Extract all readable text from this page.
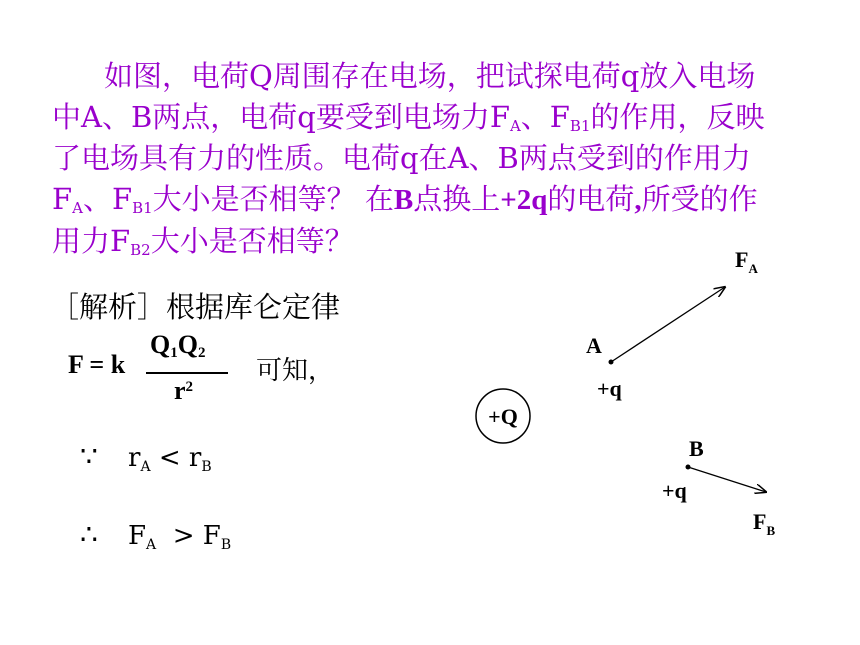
如图，电荷Q周围存在电场，把试探电荷q放入电场中A、B两点，电荷q要受到电场力$F_A$、$F_{B1}$的作用，反映了电场具有力的性质。电荷q在A、B两点受到的作用力$F_A$、$F_{B1}$大小是否相等？ 在B点换上+2q的电荷,所受的作用力$F_{B2}$大小是否相等？
［解析］根据库仑定律
F = k
$Q_1Q_2$
$r^2$
可知，
∵ $r_A < r_B$
∴ $F_A > F_B$
+Q
A
+q
$F_A$
B
+q
$F_B$
